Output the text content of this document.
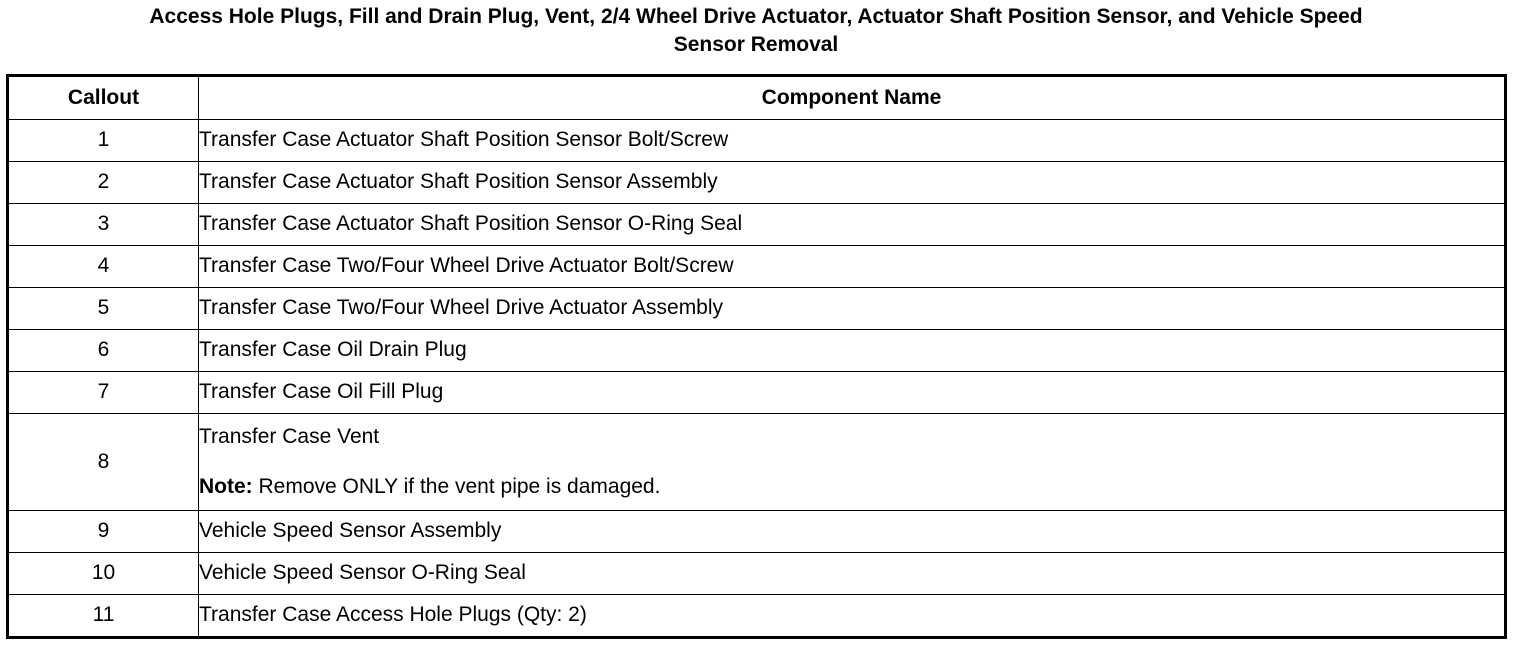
Access Hole Plugs, Fill and Drain Plug, Vent, 2/4 Wheel Drive Actuator, Actuator Shaft Position Sensor, and Vehicle Speed
Sensor Removal
Callout	Component Name
1	Transfer Case Actuator Shaft Position Sensor Bolt/Screw
2	Transfer Case Actuator Shaft Position Sensor Assembly
3	Transfer Case Actuator Shaft Position Sensor O-Ring Seal
4	Transfer Case Two/Four Wheel Drive Actuator Bolt/Screw
5	Transfer Case Two/Four Wheel Drive Actuator Assembly
6	Transfer Case Oil Drain Plug
7	Transfer Case Oil Fill Plug
8	Transfer Case Vent
Note: Remove ONLY if the vent pipe is damaged.

9	Vehicle Speed Sensor Assembly
10	Vehicle Speed Sensor O-Ring Seal
11	Transfer Case Access Hole Plugs (Qty: 2)
